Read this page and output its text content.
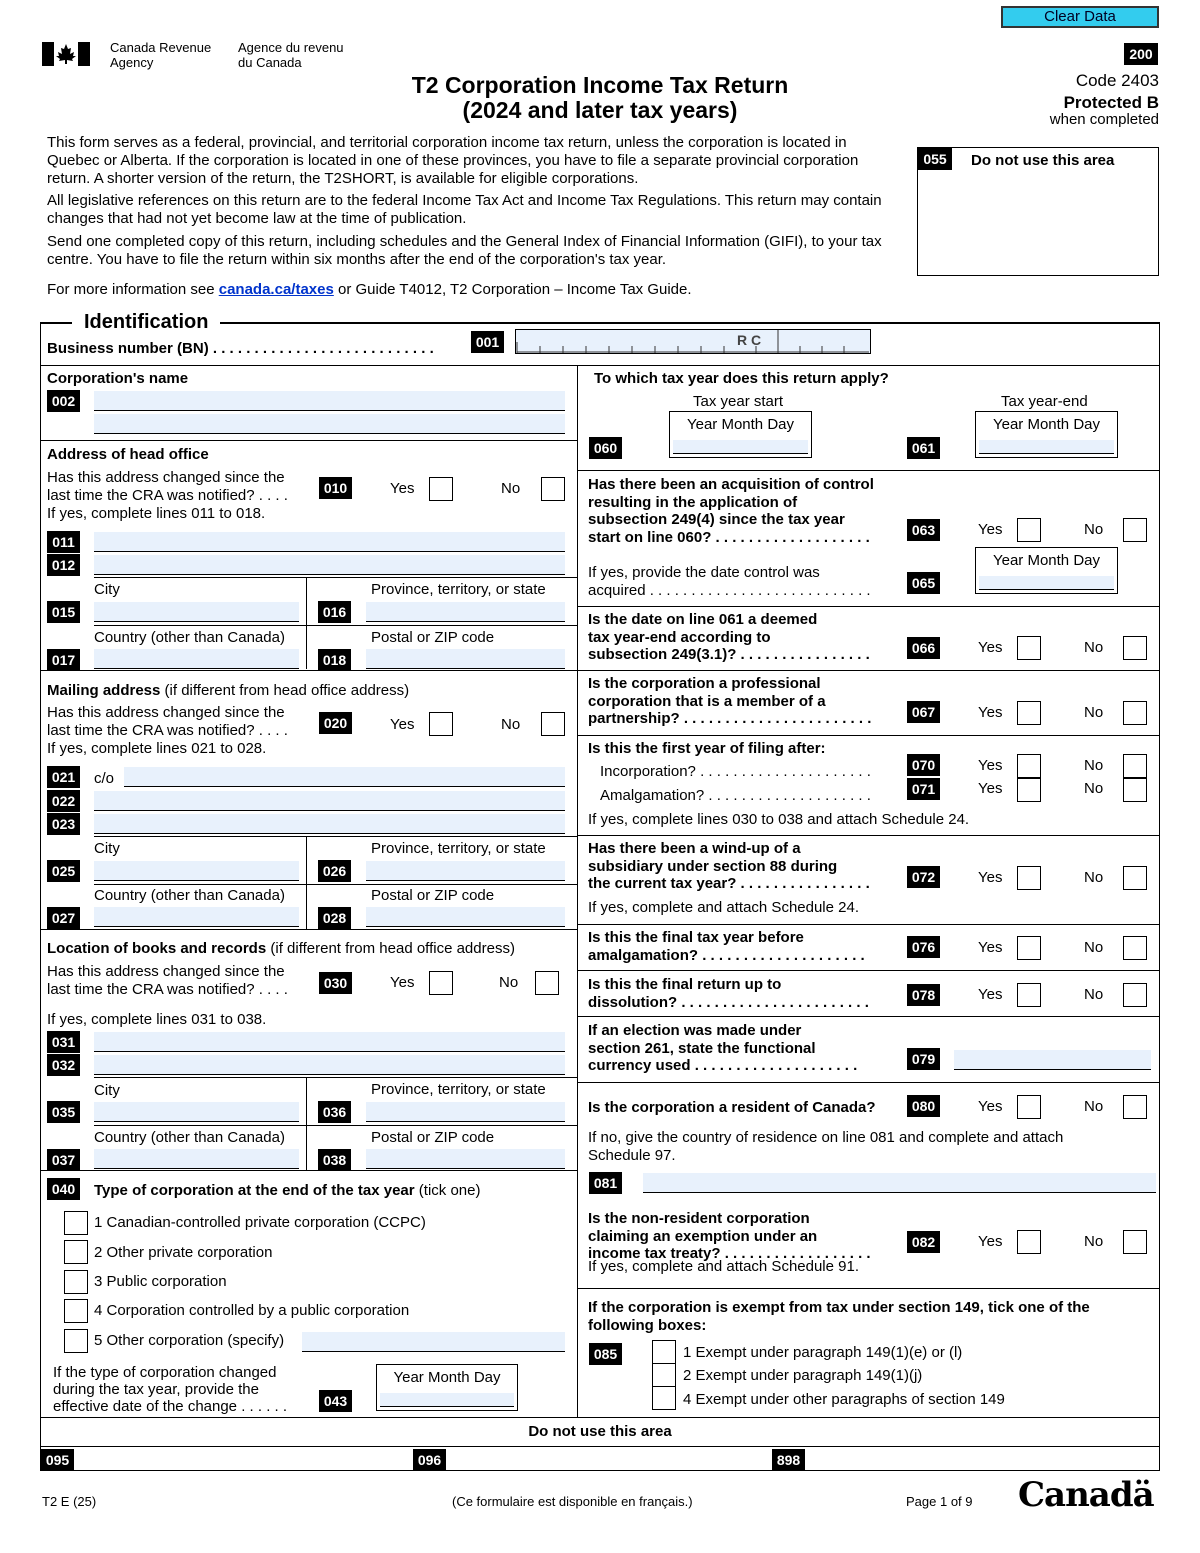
Clear Data
Canada Revenue
Agency
Agence du revenu
du Canada
T2 Corporation Income Tax Return
(2024 and later tax years)
200
Code 2403
Protected B
when completed
This form serves as a federal, provincial, and territorial corporation income tax return, unless the corporation is located in Quebec or Alberta. If the corporation is located in one of these provinces, you have to file a separate provincial corporation return. A shorter version of the return, the T2SHORT, is available for eligible corporations.
All legislative references on this return are to the federal Income Tax Act and Income Tax Regulations. This return may contain changes that had not yet become law at the time of publication.
Send one completed copy of this return, including schedules and the General Index of Financial Information (GIFI), to your tax centre. You have to file the return within six months after the end of the corporation's tax year.
For more information see canada.ca/taxes or Guide T4012, T2 Corporation – Income Tax Guide.
055	Do not use this area
Identification
Business number (BN) . . . . . . . . . . . . . . . . . . . . . . . . . . .	001	R C
Corporation's name
002
Address of head office
Has this address changed since the
last time the CRA was notified? . . . .
If yes, complete lines 011 to 018.
010	Yes	No
011
012
City	Province, territory, or state
015	016
Country (other than Canada)	Postal or ZIP code
017	018
Mailing address (if different from head office address)
Has this address changed since the
last time the CRA was notified? . . . .
If yes, complete lines 021 to 028.
020	Yes	No
021	c/o
022
023
City	Province, territory, or state
025	026
Country (other than Canada)	Postal or ZIP code
027	028
Location of books and records (if different from head office address)
Has this address changed since the
last time the CRA was notified? . . . .
If yes, complete lines 031 to 038.
030	Yes	No
031
032
City	Province, territory, or state
035	036
Country (other than Canada)	Postal or ZIP code
037	038
040	Type of corporation at the end of the tax year (tick one)
1 Canadian-controlled private corporation (CCPC)
2 Other private corporation
3 Public corporation
4 Corporation controlled by a public corporation
5 Other corporation (specify)
If the type of corporation changed
during the tax year, provide the
effective date of the change . . . . . .	043
Year Month Day
To which tax year does this return apply?
Tax year start	Tax year-end
060
Year Month Day
061
Year Month Day
Has there been an acquisition of control
resulting in the application of
subsection 249(4) since the tax year
start on line 060? . . . . . . . . . . . . . . . . . . .	063	Yes	No
If yes, provide the date control was
acquired . . . . . . . . . . . . . . . . . . . . . . . . . . .	065
Year Month Day
Is the date on line 061 a deemed
tax year-end according to
subsection 249(3.1)? . . . . . . . . . . . . . . . .	066	Yes	No
Is the corporation a professional
corporation that is a member of a
partnership? . . . . . . . . . . . . . . . . . . . . . . .	067	Yes	No
Is this the first year of filing after:
Incorporation? . . . . . . . . . . . . . . . . . . . . .	070	Yes	No
Amalgamation? . . . . . . . . . . . . . . . . . . . .	071	Yes	No
If yes, complete lines 030 to 038 and attach Schedule 24.
Has there been a wind-up of a
subsidiary under section 88 during
the current tax year? . . . . . . . . . . . . . . . .	072	Yes	No
If yes, complete and attach Schedule 24.
Is this the final tax year before
amalgamation? . . . . . . . . . . . . . . . . . . . .	076	Yes	No
Is this the final return up to
dissolution? . . . . . . . . . . . . . . . . . . . . . . .	078	Yes	No
If an election was made under
section 261, state the functional
currency used . . . . . . . . . . . . . . . . . . . .	079
Is the corporation a resident of Canada?	080	Yes	No
If no, give the country of residence on line 081 and complete and attach
Schedule 97.
081
Is the non-resident corporation
claiming an exemption under an
income tax treaty? . . . . . . . . . . . . . . . . . .
If yes, complete and attach Schedule 91.
082	Yes	No
If the corporation is exempt from tax under section 149, tick one of the
following boxes:
085	1 Exempt under paragraph 149(1)(e) or (l)
2 Exempt under paragraph 149(1)(j)
4 Exempt under other paragraphs of section 149
Do not use this area
095	096	898
T2 E (25)	(Ce formulaire est disponible en français.)	Page 1 of 9 Canadä
